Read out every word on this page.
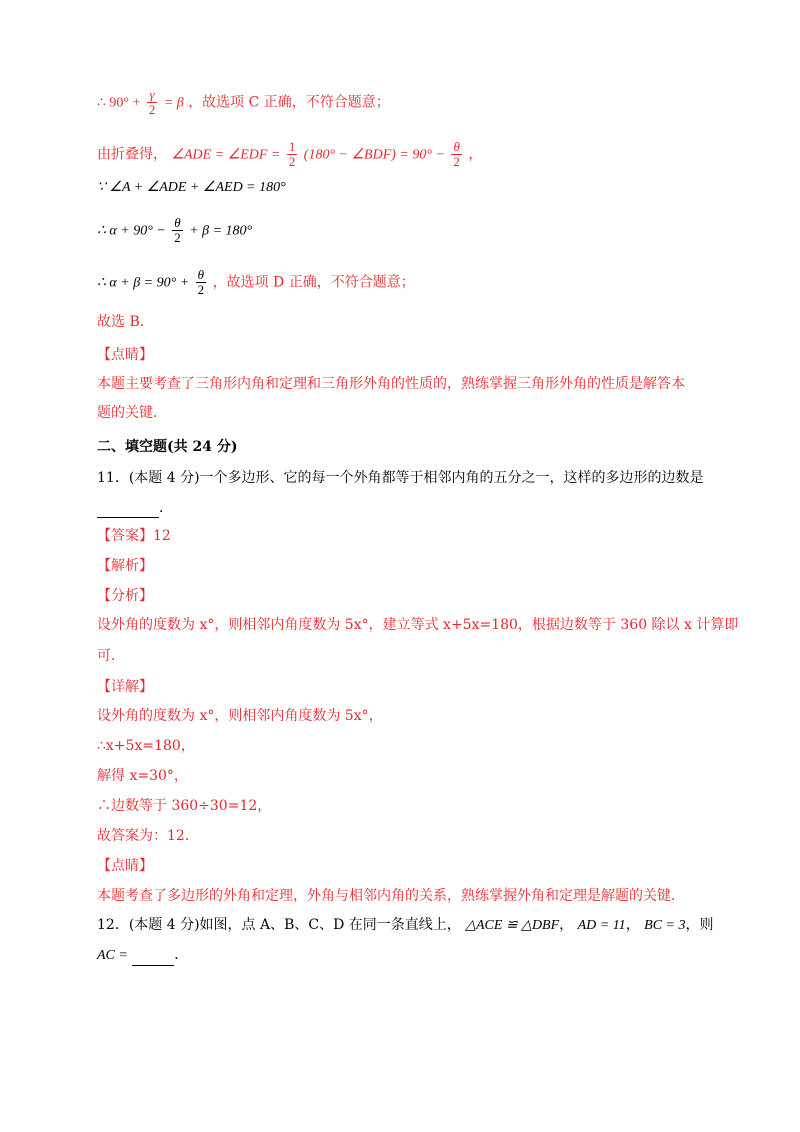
∴ $90^\circ + \frac{\gamma}{2} = \beta$ ，故选项 C 正确，不符合题意；
由折叠得， ∠ADE = ∠EDF = $\frac{1}{2} (180^\circ$ − ∠BDF) = $90^\circ - \frac{\theta}{2}$ ，
∵ ∠A + ∠ADE + ∠AED = 180°
∴ $\alpha + 90^\circ - \frac{\theta}{2} + \beta = 180^\circ$
∴ $\alpha + \beta = 90^\circ + \frac{\theta}{2}$ ，故选项 D 正确，不符合题意；
故选 B．
【点睛】
本题主要考查了三角形内角和定理和三角形外角的性质的，熟练掌握三角形外角的性质是解答本
题的关键．
二、填空题(共 24 分)
11．(本题 4 分)一个多边形、它的每一个外角都等于相邻内角的五分之一，这样的多边形的边数是
．
【答案】12
【解析】
【分析】
设外角的度数为 x°，则相邻内角度数为 5x°，建立等式 x+5x=180，根据边数等于 360 除以 x 计算即
可．
【详解】
设外角的度数为 x°，则相邻内角度数为 5x°，
∴x+5x=180，
解得 x=30°，
∴边数等于 360÷30=12，
故答案为：12．
【点睛】
本题考查了多边形的外角和定理，外角与相邻内角的关系，熟练掌握外角和定理是解题的关键．
12．(本题 4 分)如图，点 A、B、C、D 在同一条直线上， △ACE ≌ △DBF， AD = 11， BC = 3，则
AC =	．
